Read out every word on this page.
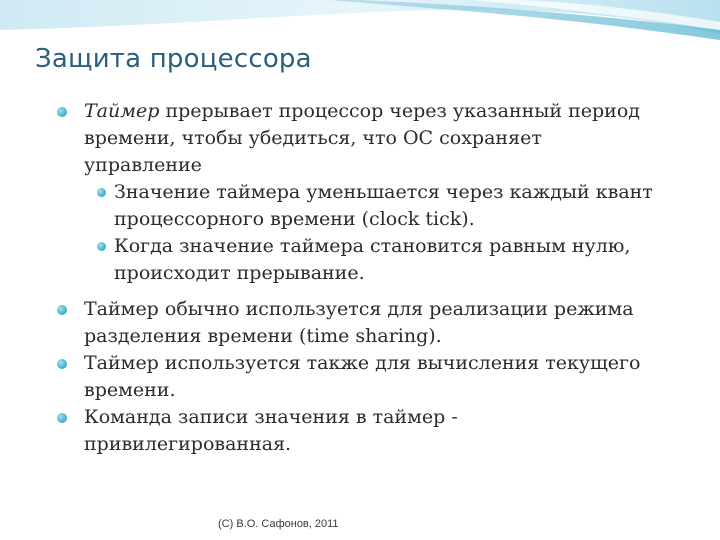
Защита процессора
Таймер прерывает процессор через указанный период времени, чтобы убедиться, что ОС сохраняет управление
Значение таймера уменьшается через каждый квант процессорного времени (clock tick).
Когда значение таймера становится равным нулю, происходит прерывание.
Таймер обычно используется для реализации режима разделения времени (time sharing).
Таймер используется также для вычисления текущего времени.
Команда записи значения в таймер - привилегированная.
(C) В.О. Сафонов, 2011
